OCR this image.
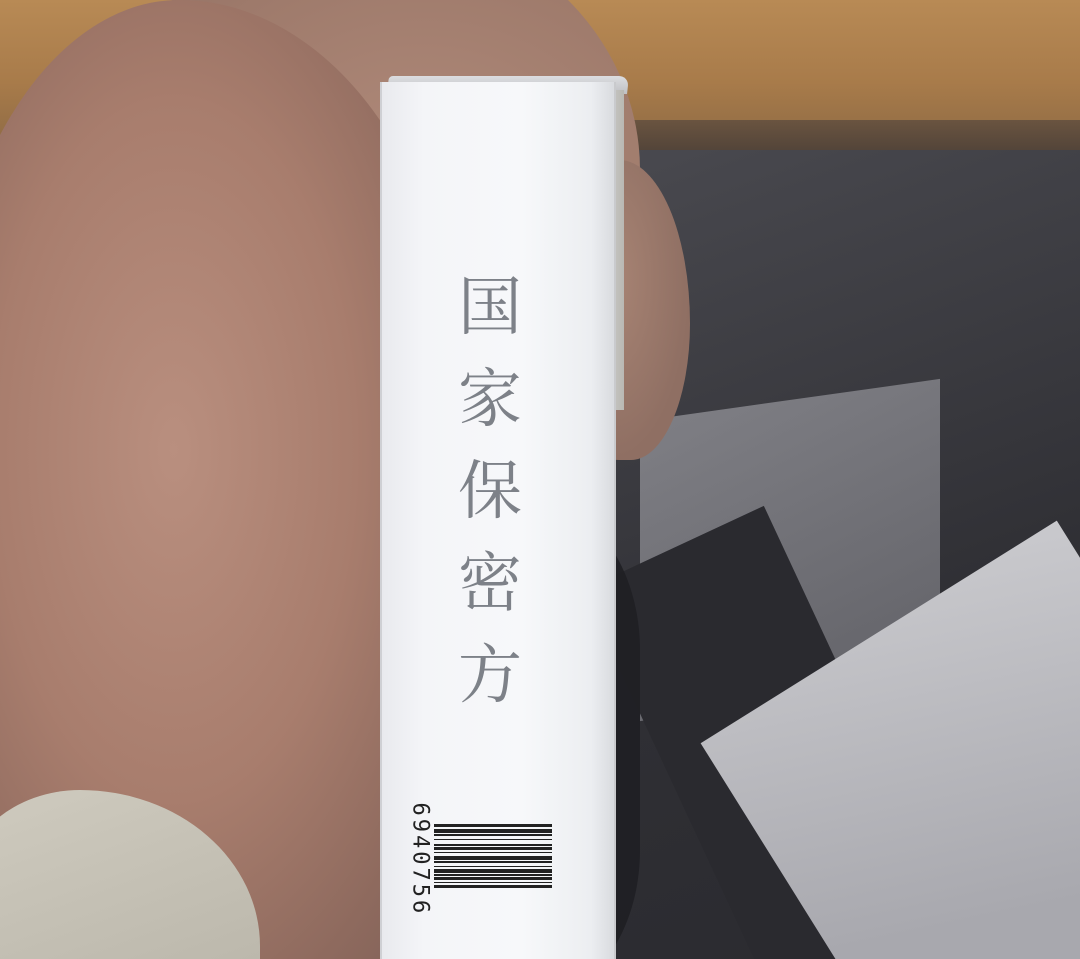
国
家
保
密
方
6940756
